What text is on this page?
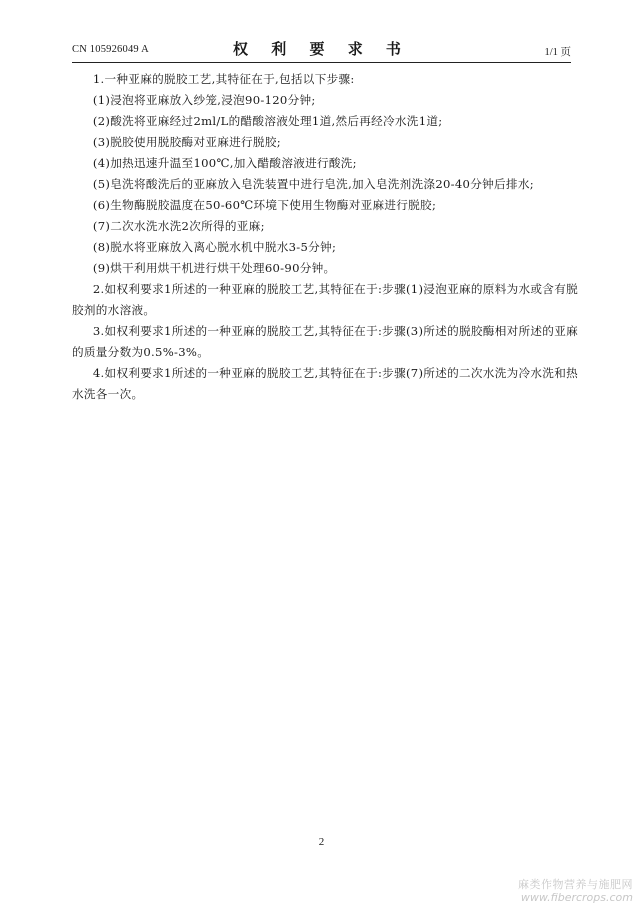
CN 105926049 A	权 利 要 求 书	1/1 页

1.一种亚麻的脱胶工艺,其特征在于,包括以下步骤:

(1)浸泡将亚麻放入纱笼,浸泡90-120分钟;

(2)酸洗将亚麻经过2ml/L的醋酸溶液处理1道,然后再经冷水洗1道;

(3)脱胶使用脱胶酶对亚麻进行脱胶;

(4)加热迅速升温至100℃,加入醋酸溶液进行酸洗;

(5)皂洗将酸洗后的亚麻放入皂洗装置中进行皂洗,加入皂洗剂洗涤20-40分钟后排水;

(6)生物酶脱胶温度在50-60℃环境下使用生物酶对亚麻进行脱胶;

(7)二次水洗水洗2次所得的亚麻;

(8)脱水将亚麻放入离心脱水机中脱水3-5分钟;

(9)烘干利用烘干机进行烘干处理60-90分钟。

2.如权利要求1所述的一种亚麻的脱胶工艺,其特征在于:步骤(1)浸泡亚麻的原料为水或含有脱胶剂的水溶液。

3.如权利要求1所述的一种亚麻的脱胶工艺,其特征在于:步骤(3)所述的脱胶酶相对所述的亚麻的质量分数为0.5%-3%。

4.如权利要求1所述的一种亚麻的脱胶工艺,其特征在于:步骤(7)所述的二次水洗为冷水洗和热水洗各一次。

2
麻类作物营养与施肥网
www.fibercrops.com
